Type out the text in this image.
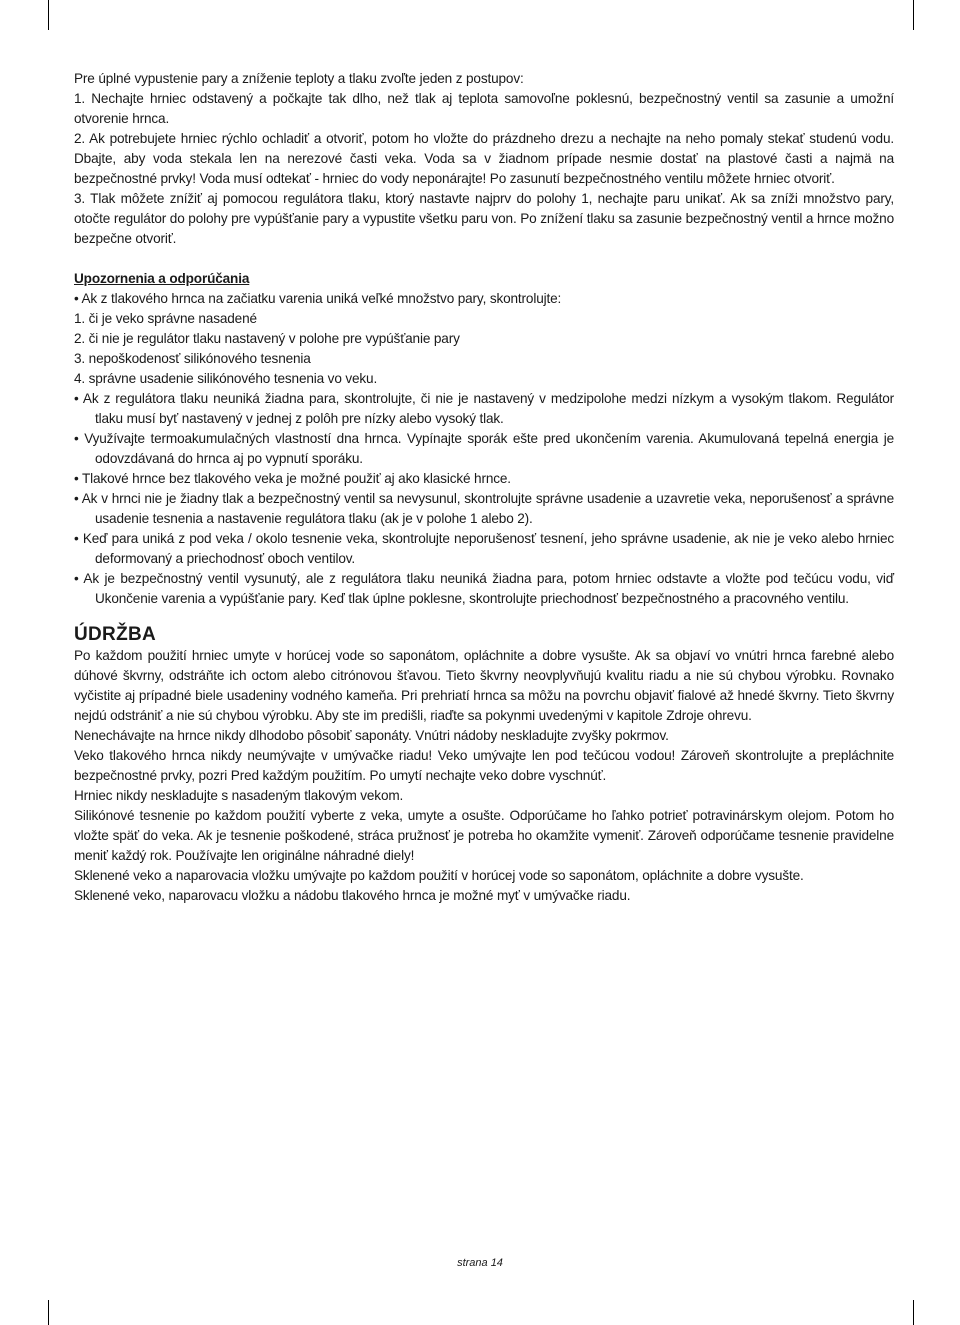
Pre úplné vypustenie pary a zníženie teploty a tlaku zvoľte jeden z postupov:

1. Nechajte hrniec odstavený a počkajte tak dlho, než tlak aj teplota samovoľne poklesnú, bezpečnostný ventil sa zasunie a umožní otvorenie hrnca.

2. Ak potrebujete hrniec rýchlo ochladiť a otvoriť, potom ho vložte do prázdneho drezu a nechajte na neho pomaly stekať studenú vodu. Dbajte, aby voda stekala len na nerezové časti veka. Voda sa v žiadnom prípade nesmie dostať na plastové časti a najmä na bezpečnostné prvky! Voda musí odtekať - hrniec do vody neponárajte! Po zasunutí bezpečnostného ventilu môžete hrniec otvoriť.

3. Tlak môžete znížiť aj pomocou regulátora tlaku, ktorý nastavte najprv do polohy 1, nechajte paru unikať. Ak sa zníži množstvo pary, otočte regulátor do polohy pre vypúšťanie pary a vypustite všetku paru von. Po znížení tlaku sa zasunie bezpečnostný ventil a hrnce možno bezpečne otvoriť.

Upozornenia a odporúčania

• Ak z tlakového hrnca na začiatku varenia uniká veľké množstvo pary, skontrolujte:

1. či je veko správne nasadené

2. či nie je regulátor tlaku nastavený v polohe pre vypúšťanie pary

3. nepoškodenosť silikónového tesnenia

4. správne usadenie silikónového tesnenia vo veku.

• Ak z regulátora tlaku neuniká žiadna para, skontrolujte, či nie je nastavený v medzipolohe medzi nízkym a vysokým tlakom. Regulátor tlaku musí byť nastavený v jednej z polôh pre nízky alebo vysoký tlak.

• Využívajte termoakumulačných vlastností dna hrnca. Vypínajte sporák ešte pred ukončením varenia. Akumulovaná tepelná energia je odovzdávaná do hrnca aj po vypnutí sporáku.

• Tlakové hrnce bez tlakového veka je možné použiť aj ako klasické hrnce.

• Ak v hrnci nie je žiadny tlak a bezpečnostný ventil sa nevysunul, skontrolujte správne usadenie a uzavretie veka, neporušenosť a správne usadenie tesnenia a nastavenie regulátora tlaku (ak je v polohe 1 alebo 2).

• Keď para uniká z pod veka / okolo tesnenie veka, skontrolujte neporušenosť tesnení, jeho správne usadenie, ak nie je veko alebo hrniec deformovaný a priechodnosť oboch ventilov.

• Ak je bezpečnostný ventil vysunutý, ale z regulátora tlaku neuniká žiadna para, potom hrniec odstavte a vložte pod tečúcu vodu, viď Ukončenie varenia a vypúšťanie pary. Keď tlak úplne poklesne, skontrolujte priechodnosť bezpečnostného a pracovného ventilu.

ÚDRŽBA

Po každom použití hrniec umyte v horúcej vode so saponátom, opláchnite a dobre vysušte. Ak sa objaví vo vnútri hrnca farebné alebo dúhové škvrny, odstráňte ich octom alebo citrónovou šťavou. Tieto škvrny neovplyvňujú kvalitu riadu a nie sú chybou výrobku. Rovnako vyčistite aj prípadné biele usadeniny vodného kameňa. Pri prehriatí hrnca sa môžu na povrchu objaviť fialové až hnedé škvrny. Tieto škvrny nejdú odstrániť a nie sú chybou výrobku. Aby ste im predišli, riaďte sa pokynmi uvedenými v kapitole Zdroje ohrevu.

Nenechávajte na hrnce nikdy dlhodobo pôsobiť saponáty. Vnútri nádoby neskladujte zvyšky pokrmov.

Veko tlakového hrnca nikdy neumývajte v umývačke riadu! Veko umývajte len pod tečúcou vodou! Zároveň skontrolujte a prepláchnite bezpečnostné prvky, pozri Pred každým použitím. Po umytí nechajte veko dobre vyschnúť.

Hrniec nikdy neskladujte s nasadeným tlakovým vekom.

Silikónové tesnenie po každom použití vyberte z veka, umyte a osušte. Odporúčame ho ľahko potrieť potravinárskym olejom. Potom ho vložte späť do veka. Ak je tesnenie poškodené, stráca pružnosť je potreba ho okamžite vymeniť. Zároveň odporúčame tesnenie pravidelne meniť každý rok. Používajte len originálne náhradné diely!

Sklenené veko a naparovacia vložku umývajte po každom použití v horúcej vode so saponátom, opláchnite a dobre vysušte.

Sklenené veko, naparovacu vložku a nádobu tlakového hrnca je možné myť v umývačke riadu.

strana 14
